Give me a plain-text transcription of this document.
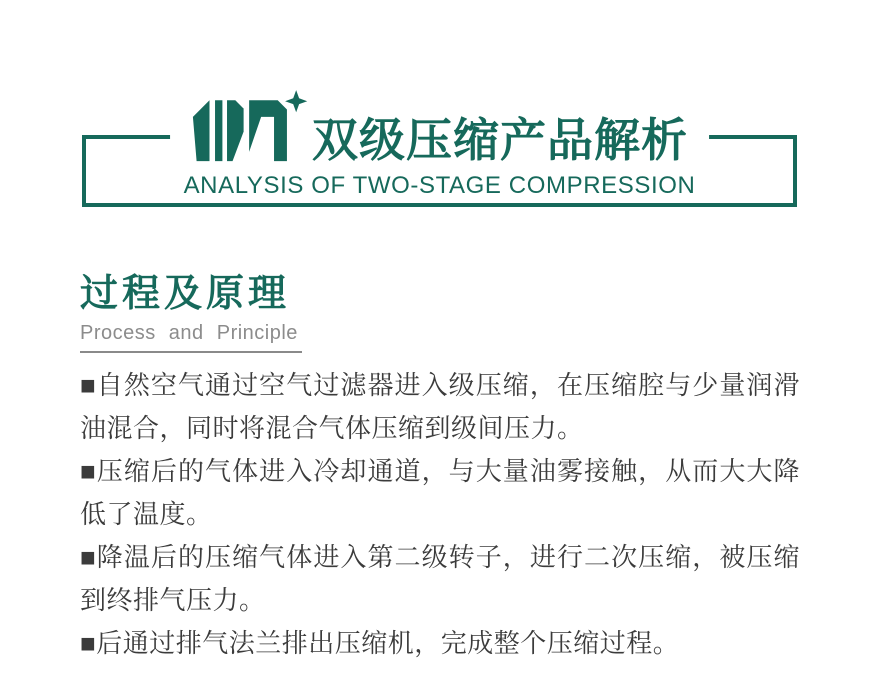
双级压缩产品解析
ANALYSIS OF TWO-STAGE COMPRESSION
过程及原理
Process and Principle

■自然空气通过空气过滤器进入级压缩，在压缩腔与少量润滑油混合，同时将混合气体压缩到级间压力。

■压缩后的气体进入冷却通道，与大量油雾接触，从而大大降低了温度。

■降温后的压缩气体进入第二级转子，进行二次压缩，被压缩到终排气压力。

■后通过排气法兰排出压缩机，完成整个压缩过程。
